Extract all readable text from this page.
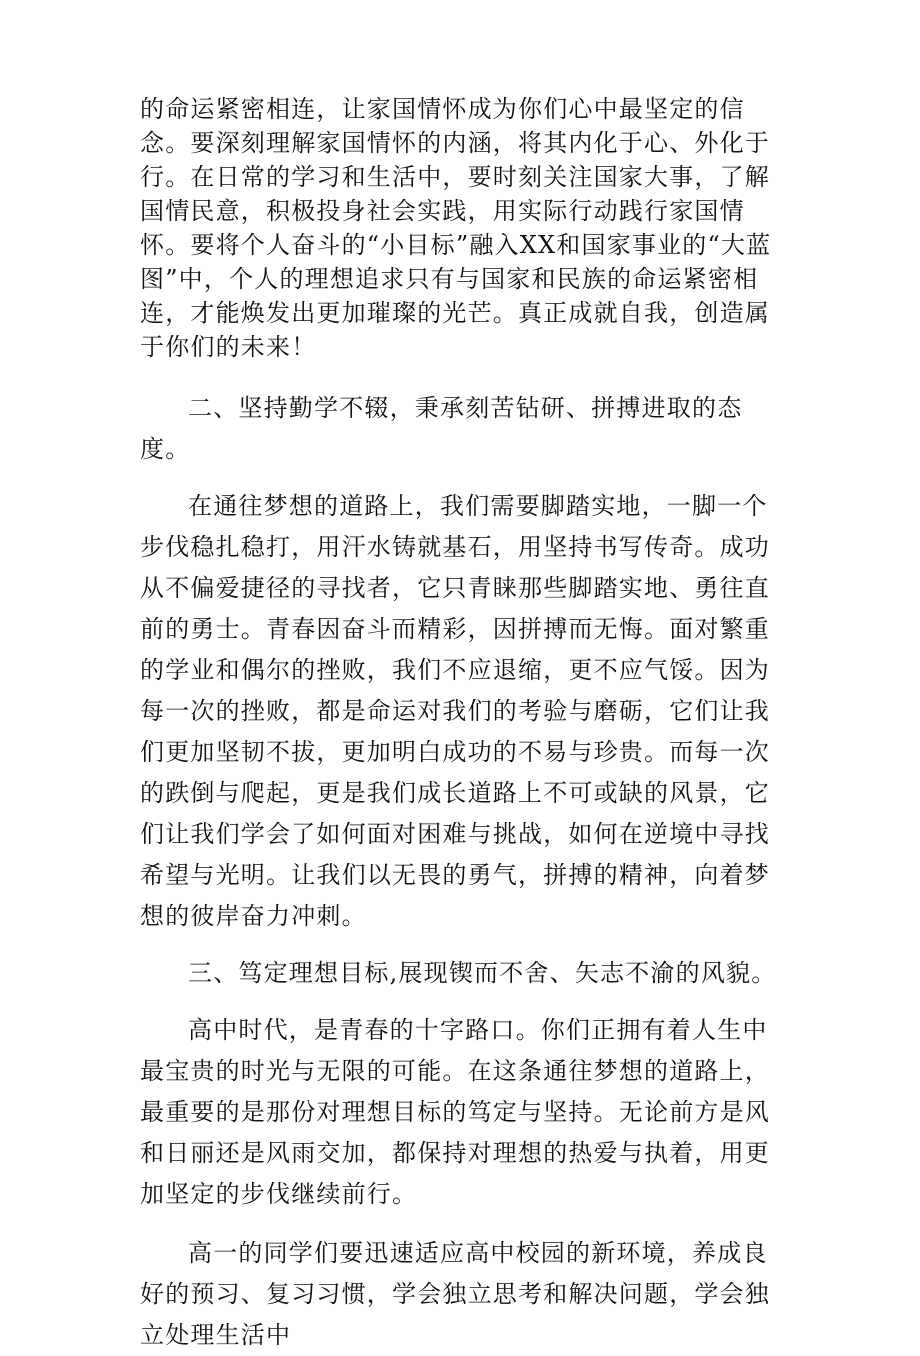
的命运紧密相连，让家国情怀成为你们心中最坚定的信念。要深刻理解家国情怀的内涵，将其内化于心、外化于行。在日常的学习和生活中，要时刻关注国家大事，了解国情民意，积极投身社会实践，用实际行动践行家国情怀。要将个人奋斗的“小目标”融入XX和国家事业的“大蓝图”中，个人的理想追求只有与国家和民族的命运紧密相连，才能焕发出更加璀璨的光芒。真正成就自我，创造属于你们的未来！

二、坚持勤学不辍，秉承刻苦钻研、拼搏进取的态度。

在通往梦想的道路上，我们需要脚踏实地，一脚一个步伐稳扎稳打，用汗水铸就基石，用坚持书写传奇。成功从不偏爱捷径的寻找者，它只青睐那些脚踏实地、勇往直前的勇士。青春因奋斗而精彩，因拼搏而无悔。面对繁重的学业和偶尔的挫败，我们不应退缩，更不应气馁。因为每一次的挫败，都是命运对我们的考验与磨砺，它们让我们更加坚韧不拔，更加明白成功的不易与珍贵。而每一次的跌倒与爬起，更是我们成长道路上不可或缺的风景，它们让我们学会了如何面对困难与挑战，如何在逆境中寻找希望与光明。让我们以无畏的勇气，拼搏的精神，向着梦想的彼岸奋力冲刺。

三、笃定理想目标,展现锲而不舍、矢志不渝的风貌。

高中时代，是青春的十字路口。你们正拥有着人生中最宝贵的时光与无限的可能。在这条通往梦想的道路上，最重要的是那份对理想目标的笃定与坚持。无论前方是风和日丽还是风雨交加，都保持对理想的热爱与执着，用更加坚定的步伐继续前行。

高一的同学们要迅速适应高中校园的新环境，养成良好的预习、复习习惯，学会独立思考和解决问题，学会独立处理生活中
